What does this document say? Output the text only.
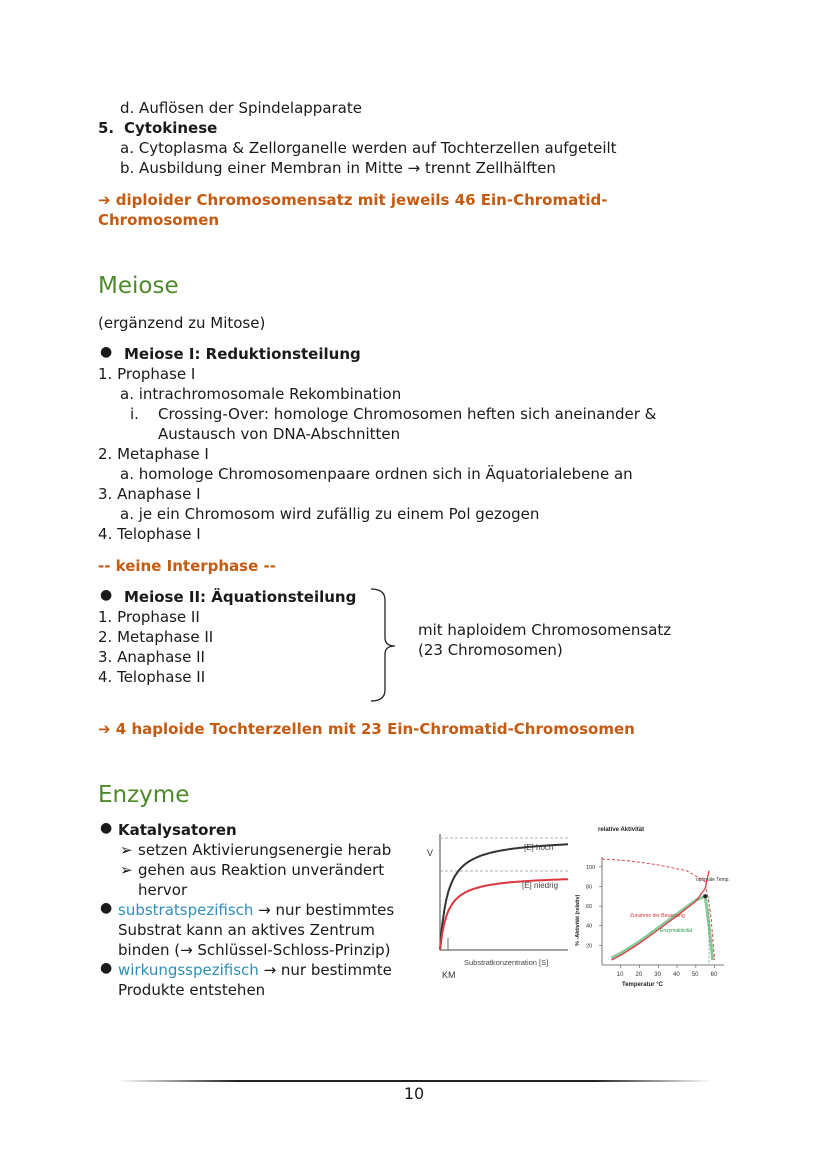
d. Auflösen der Spindelapparate
5. Cytokinese
a. Cytoplasma & Zellorganelle werden auf Tochterzellen aufgeteilt
b. Ausbildung einer Membran in Mitte → trennt Zellhälften
➔ diploider Chromosomensatz mit jeweils 46 Ein-Chromatid-
Chromosomen
Meiose
(ergänzend zu Mitose)
● Meiose I: Reduktionsteilung
1. Prophase I
a. intrachromosomale Rekombination
i. Crossing-Over: homologe Chromosomen heften sich aneinander &
Austausch von DNA-Abschnitten
2. Metaphase I
a. homologe Chromosomenpaare ordnen sich in Äquatorialebene an
3. Anaphase I
a. je ein Chromosom wird zufällig zu einem Pol gezogen
4. Telophase I
-- keine Interphase --
● Meiose II: Äquationsteilung
1. Prophase II
2. Metaphase II
3. Anaphase II
4. Telophase II
mit haploidem Chromosomensatz
(23 Chromosomen)
➔ 4 haploide Tochterzellen mit 23 Ein-Chromatid-Chromosomen
Enzyme
● Katalysatoren
➢ setzen Aktivierungsenergie herab
➢ gehen aus Reaktion unverändert
hervor
● substratspezifisch → nur bestimmtes
Substrat kann an aktives Zentrum
binden (→ Schlüssel-Schloss-Prinzip)
● wirkungsspezifisch → nur bestimmte
Produkte entstehen
V
[E] hoch
[E] niedrig
Substratkonzentration [S]
KM
relative Aktivität
Temperatur °C
% -Aktivität (relativ)
optimale Temp.
Zunahme der Bewegung
Enzymaktivität
10 20 30 40 50 60
20
40
60
80
100
10
